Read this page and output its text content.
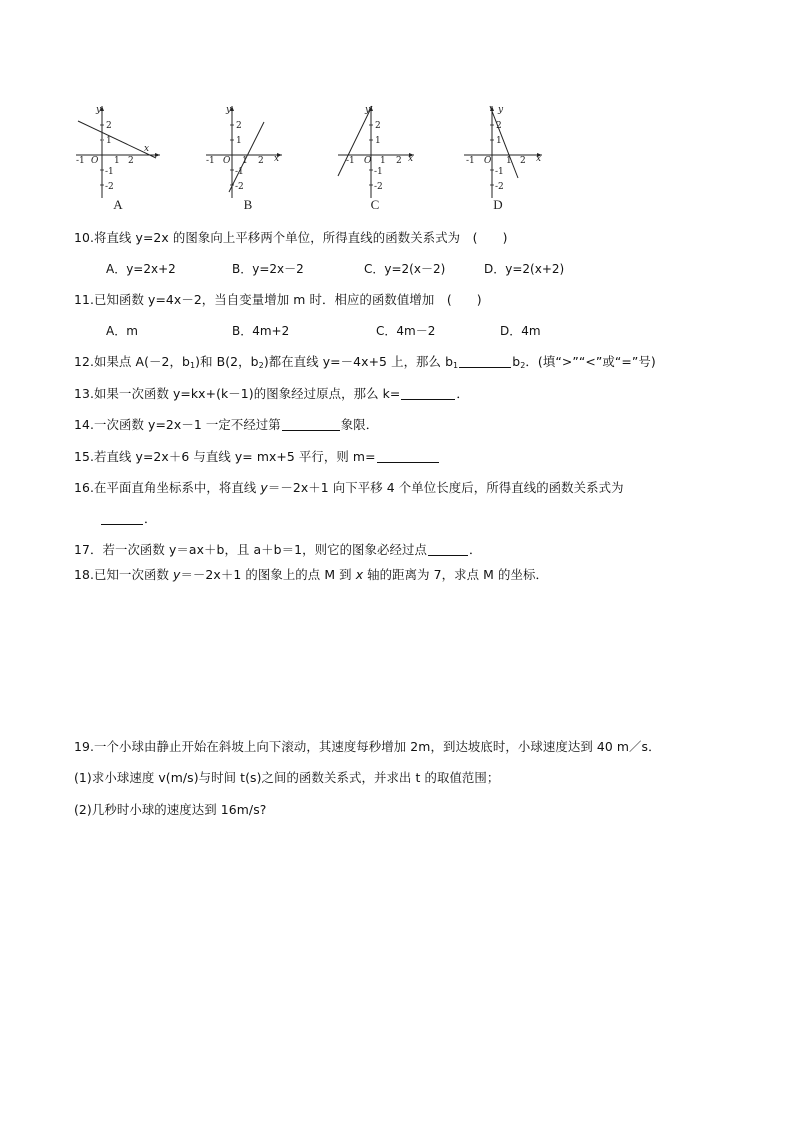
-1 O 1 2
x
y
2
1
-1
-2
A
-1 O 1 2 x
y
2
1
-1
-2
B
-1 O 1 2 x
y
2
1
-1
-2
C
-1 O 1 2 x
y
2
1
-1
-2
D
10.将直线 y=2x 的图象向上平移两个单位，所得直线的函数关系式为　(　　)
A．y=2x+2	B．y=2x－2	C．y=2(x－2)	D．y=2(x+2)
11.已知函数 y=4x－2，当自变量增加 m 时．相应的函数值增加　(　　)
A．m	B．4m+2	C．4m－2	D．4m
12.如果点 A(－2，$b_1$)和 B(2，$b_2$)都在直线 y=－4x+5 上，那么 $b_1$	$b_2$．(填“>”“<”或“=”号)
13.如果一次函数 y=kx+(k－1)的图象经过原点，那么 k=	．
14.一次函数 y=2x－1 一定不经过第	象限．
15.若直线 y=2x＋6 与直线 y= mx+5 平行，则 m=
16.在平面直角坐标系中，将直线 y＝－2x＋1 向下平移 4 个单位长度后，所得直线的函数关系式为
．
17．若一次函数 y＝ax＋b，且 a＋b＝1，则它的图象必经过点	．
18.已知一次函数 y＝－2x＋1 的图象上的点 M 到 x 轴的距离为 7，求点 M 的坐标．
19.一个小球由静止开始在斜坡上向下滚动，其速度每秒增加 2m，到达坡底时，小球速度达到 40 m／s．
(1)求小球速度 v(m/s)与时间 t(s)之间的函数关系式，并求出 t 的取值范围；
(2)几秒时小球的速度达到 16m/s?
